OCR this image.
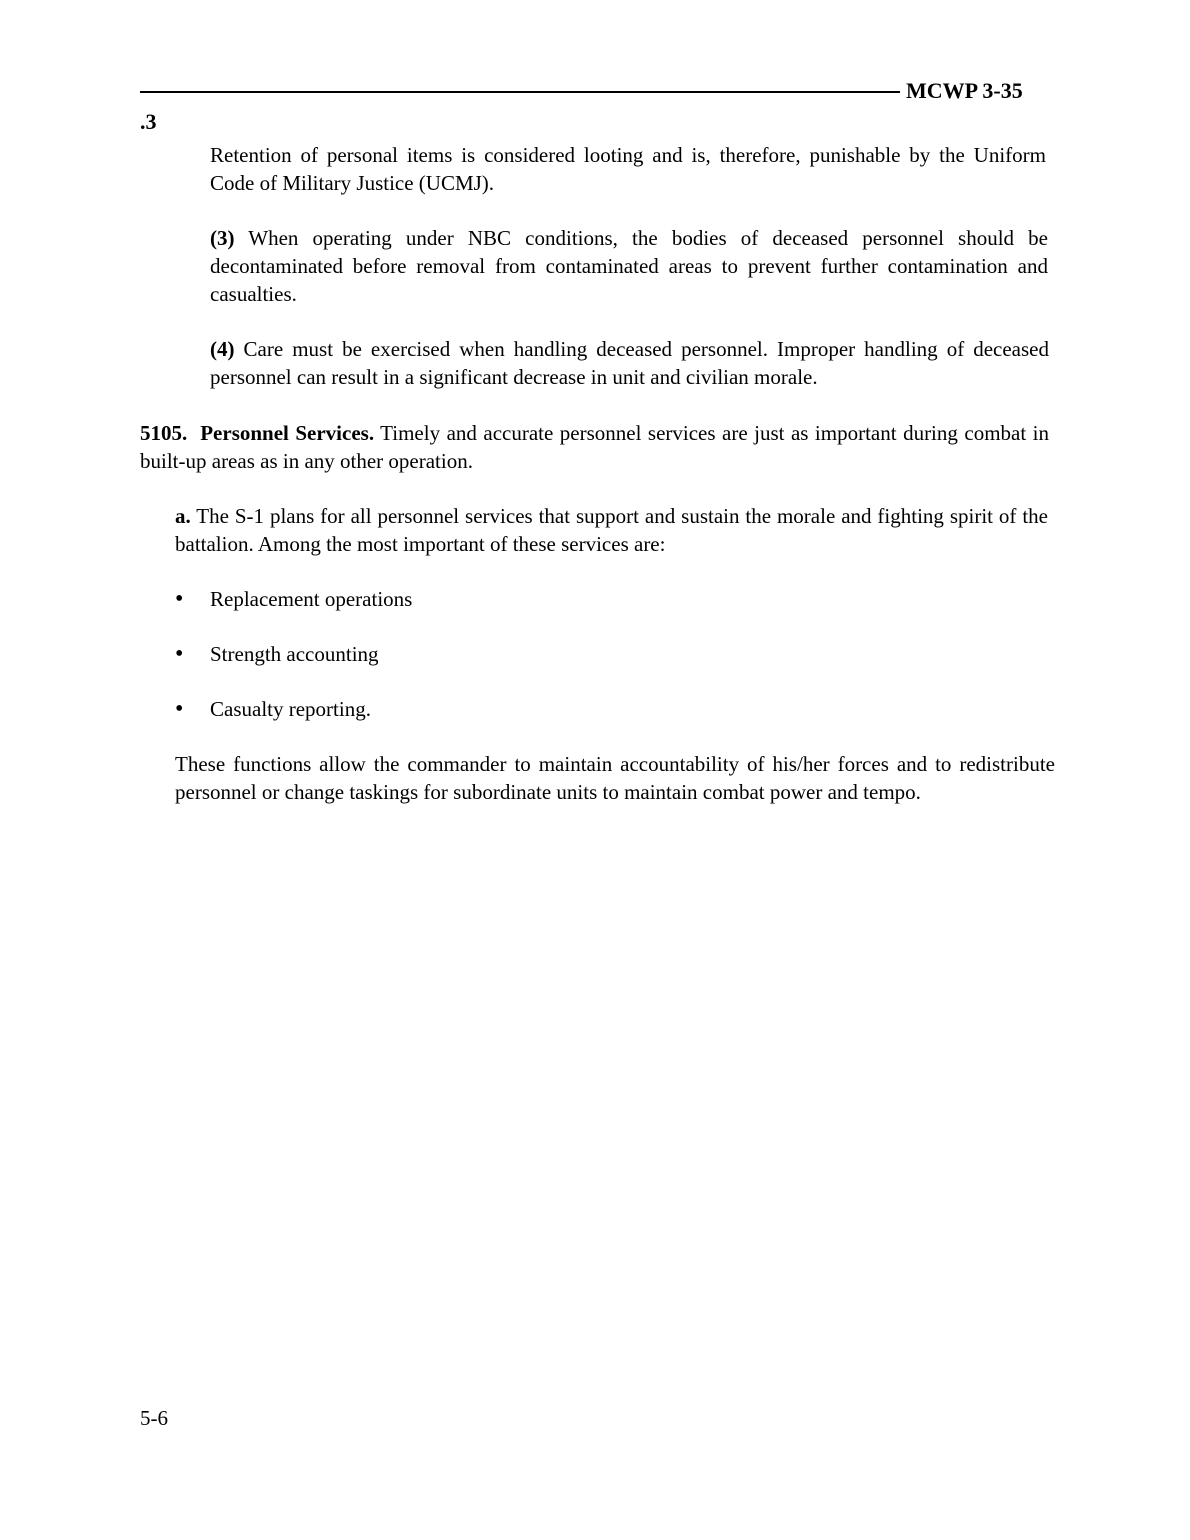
MCWP 3-35
.3

Retention of personal items is considered looting and is, therefore, punishable by the Uniform Code of Military Justice (UCMJ).

(3) When operating under NBC conditions, the bodies of deceased personnel should be decontaminated before removal from contaminated areas to prevent further contamination and casualties.

(4) Care must be exercised when handling deceased personnel. Improper handling of deceased personnel can result in a significant decrease in unit and civilian morale.

5105. Personnel Services. Timely and accurate personnel services are just as important during combat in built-up areas as in any other operation.

a. The S-1 plans for all personnel services that support and sustain the morale and fighting spirit of the battalion. Among the most important of these services are:

• Replacement operations
• Strength accounting
• Casualty reporting.

These functions allow the commander to maintain accountability of his/her forces and to redistribute personnel or change taskings for subordinate units to maintain combat power and tempo.

5-6
